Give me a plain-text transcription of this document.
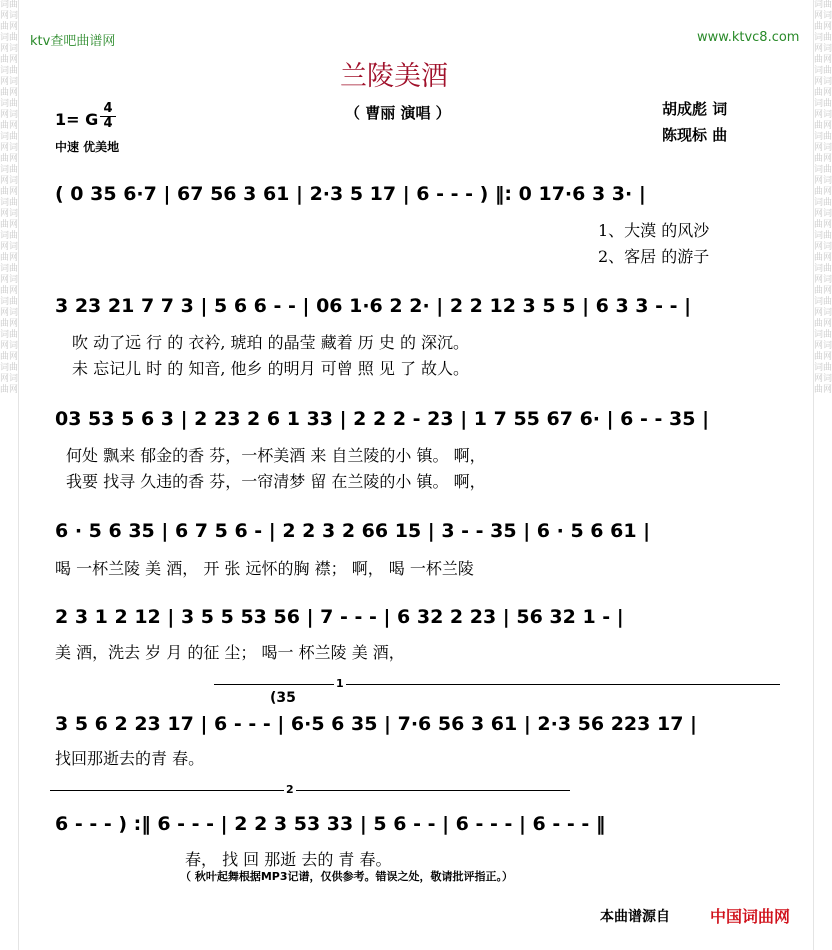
词曲网词曲网词曲网词曲网词曲网词曲网词曲网词曲网词曲网词曲网词曲网词曲网词曲网词曲网词曲网词曲网词曲网词曲网词曲网词曲网词曲网词曲网词曲网词曲网
词曲网词曲网词曲网词曲网词曲网词曲网词曲网词曲网词曲网词曲网词曲网词曲网词曲网词曲网词曲网词曲网词曲网词曲网词曲网词曲网词曲网词曲网词曲网词曲网
ktv查吧曲谱网	www.ktvc8.com
兰陵美酒
（ 曹丽 演唱 ）	胡成彪 词
陈现标 曲
1= G
4
4
中速 优美地
( 0 35 6·7 | 67 56 3 61 | 2·3 5 17 | 6 - - - ) ‖: 0 17·6 3 3· |
1、大漠 的风沙
2、客居 的游子
3 23 21 7 7 3 | 5 6 6 - - | 06 1·6 2 2· | 2 2 12 3 5 5 | 6 3 3 - - |
吹 动了远 行 的 衣衿, 琥珀 的晶莹 藏着 历 史 的 深沉。
未 忘记儿 时 的 知音, 他乡 的明月 可曾 照 见 了 故人。
03 53 5 6 3 | 2 23 2 6 1 33 | 2 2 2 - 23 | 1 7 55 67 6· | 6 - - 35 |
何处 飘来 郁金的香 芬，一杯美酒 来 自兰陵的小 镇。 啊，
我要 找寻 久违的香 芬，一帘清梦 留 在兰陵的小 镇。 啊，
6 · 5 6 35 | 6 7 5 6 - | 2 2 3 2 66 15 | 3 - - 35 | 6 · 5 6 61 |
喝 一杯兰陵 美 酒， 开 张 远怀的胸 襟； 啊， 喝 一杯兰陵
2 3 1 2 12 | 3 5 5 53 56 | 7 - - - | 6 32 2 23 | 56 32 1 - |
美 酒，洗去 岁 月 的征 尘； 喝一 杯兰陵 美 酒，
1
(35
3 5 6 2 23 17 | 6 - - - | 6·5 6 35 | 7·6 56 3 61 | 2·3 56 223 17 |
找回那逝去的青 春。
2
6 - - - ) :‖ 6 - - - | 2 2 3 53 33 | 5 6 - - | 6 - - - | 6 - - - ‖
春， 找 回 那逝 去的 青 春。
（ 秋叶起舞根据MP3记谱，仅供参考。错误之处，敬请批评指正。）
本曲谱源自	中国词曲网
